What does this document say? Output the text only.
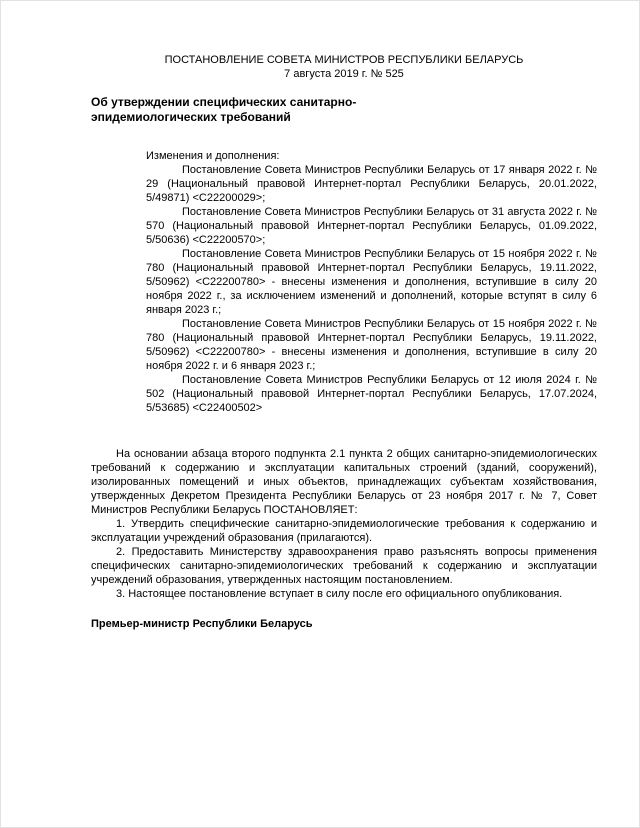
ПОСТАНОВЛЕНИЕ СОВЕТА МИНИСТРОВ РЕСПУБЛИКИ БЕЛАРУСЬ

7 августа 2019 г. № 525

Об утверждении специфических санитарно-эпидемиологических требований

Изменения и дополнения:

Постановление Совета Министров Республики Беларусь от 17 января 2022 г. № 29 (Национальный правовой Интернет-портал Республики Беларусь, 20.01.2022, 5/49871) <C22200029>;

Постановление Совета Министров Республики Беларусь от 31 августа 2022 г. № 570 (Национальный правовой Интернет-портал Республики Беларусь, 01.09.2022, 5/50636) <C22200570>;

Постановление Совета Министров Республики Беларусь от 15 ноября 2022 г. № 780 (Национальный правовой Интернет-портал Республики Беларусь, 19.11.2022, 5/50962) <C22200780> - внесены изменения и дополнения, вступившие в силу 20 ноября 2022 г., за исключением изменений и дополнений, которые вступят в силу 6 января 2023 г.;

Постановление Совета Министров Республики Беларусь от 15 ноября 2022 г. № 780 (Национальный правовой Интернет-портал Республики Беларусь, 19.11.2022, 5/50962) <C22200780> - внесены изменения и дополнения, вступившие в силу 20 ноября 2022 г. и 6 января 2023 г.;

Постановление Совета Министров Республики Беларусь от 12 июля 2024 г. № 502 (Национальный правовой Интернет-портал Республики Беларусь, 17.07.2024, 5/53685) <C22400502>

На основании абзаца второго подпункта 2.1 пункта 2 общих санитарно-эпидемиологических требований к содержанию и эксплуатации капитальных строений (зданий, сооружений), изолированных помещений и иных объектов, принадлежащих субъектам хозяйствования, утвержденных Декретом Президента Республики Беларусь от 23 ноября 2017 г. № 7, Совет Министров Республики Беларусь ПОСТАНОВЛЯЕТ:

1. Утвердить специфические санитарно-эпидемиологические требования к содержанию и эксплуатации учреждений образования (прилагаются).

2. Предоставить Министерству здравоохранения право разъяснять вопросы применения специфических санитарно-эпидемиологических требований к содержанию и эксплуатации учреждений образования, утвержденных настоящим постановлением.

3. Настоящее постановление вступает в силу после его официального опубликования.

Премьер-министр Республики Беларусь
